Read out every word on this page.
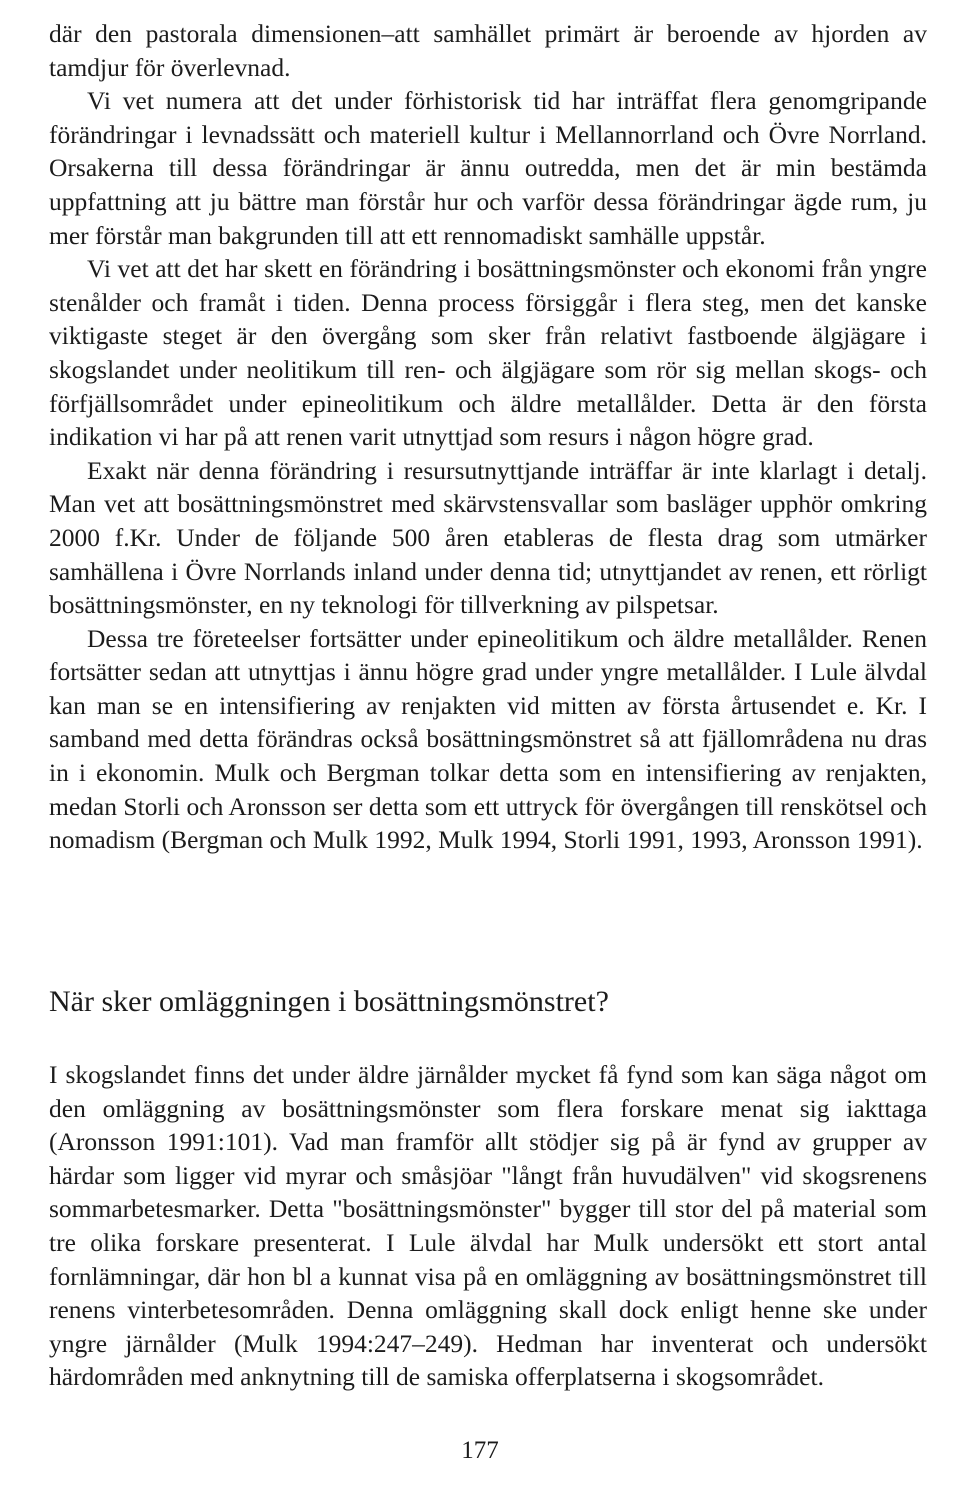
där den pastorala dimensionen–att samhället primärt är beroende av hjorden av tamdjur för överlevnad.

Vi vet numera att det under förhistorisk tid har inträffat flera genomgripande förändringar i levnadssätt och materiell kultur i Mellannorrland och Övre Norrland. Orsakerna till dessa förändringar är ännu outredda, men det är min bestämda uppfattning att ju bättre man förstår hur och varför dessa förändringar ägde rum, ju mer förstår man bakgrunden till att ett rennomadiskt samhälle uppstår.

Vi vet att det har skett en förändring i bosättningsmönster och ekonomi från yngre stenålder och framåt i tiden. Denna process försiggår i flera steg, men det kanske viktigaste steget är den övergång som sker från relativt fastboende älgjägare i skogslandet under neolitikum till ren- och älgjägare som rör sig mellan skogs- och förfjällsområdet under epineolitikum och äldre metallålder. Detta är den första indikation vi har på att renen varit utnyttjad som resurs i någon högre grad.

Exakt när denna förändring i resursutnyttjande inträffar är inte klarlagt i detalj. Man vet att bosättningsmönstret med skärvstensvallar som basläger upphör omkring 2000 f.Kr. Under de följande 500 åren etableras de flesta drag som utmärker samhällena i Övre Norrlands inland under denna tid; utnyttjandet av renen, ett rörligt bosättningsmönster, en ny teknologi för tillverkning av pilspetsar.

Dessa tre företeelser fortsätter under epineolitikum och äldre metallålder. Renen fortsätter sedan att utnyttjas i ännu högre grad under yngre metallålder. I Lule älvdal kan man se en intensifiering av renjakten vid mitten av första årtusendet e. Kr. I samband med detta förändras också bosättningsmönstret så att fjällområdena nu dras in i ekonomin. Mulk och Bergman tolkar detta som en intensifiering av renjakten, medan Storli och Aronsson ser detta som ett uttryck för övergången till renskötsel och nomadism (Bergman och Mulk 1992, Mulk 1994, Storli 1991, 1993, Aronsson 1991).

När sker omläggningen i bosättningsmönstret?

I skogslandet finns det under äldre järnålder mycket få fynd som kan säga något om den omläggning av bosättningsmönster som flera forskare menat sig iakttaga (Aronsson 1991:101). Vad man framför allt stödjer sig på är fynd av grupper av härdar som ligger vid myrar och småsjöar "långt från huvudälven" vid skogsrenens sommarbetesmarker. Detta "bosättningsmönster" bygger till stor del på material som tre olika forskare presenterat. I Lule älvdal har Mulk undersökt ett stort antal fornlämningar, där hon bl a kunnat visa på en omläggning av bosättningsmönstret till renens vinterbetesområden. Denna omläggning skall dock enligt henne ske under yngre järnålder (Mulk 1994:247–249). Hedman har inventerat och undersökt härdområden med anknytning till de samiska offerplatserna i skogsområdet.

177
